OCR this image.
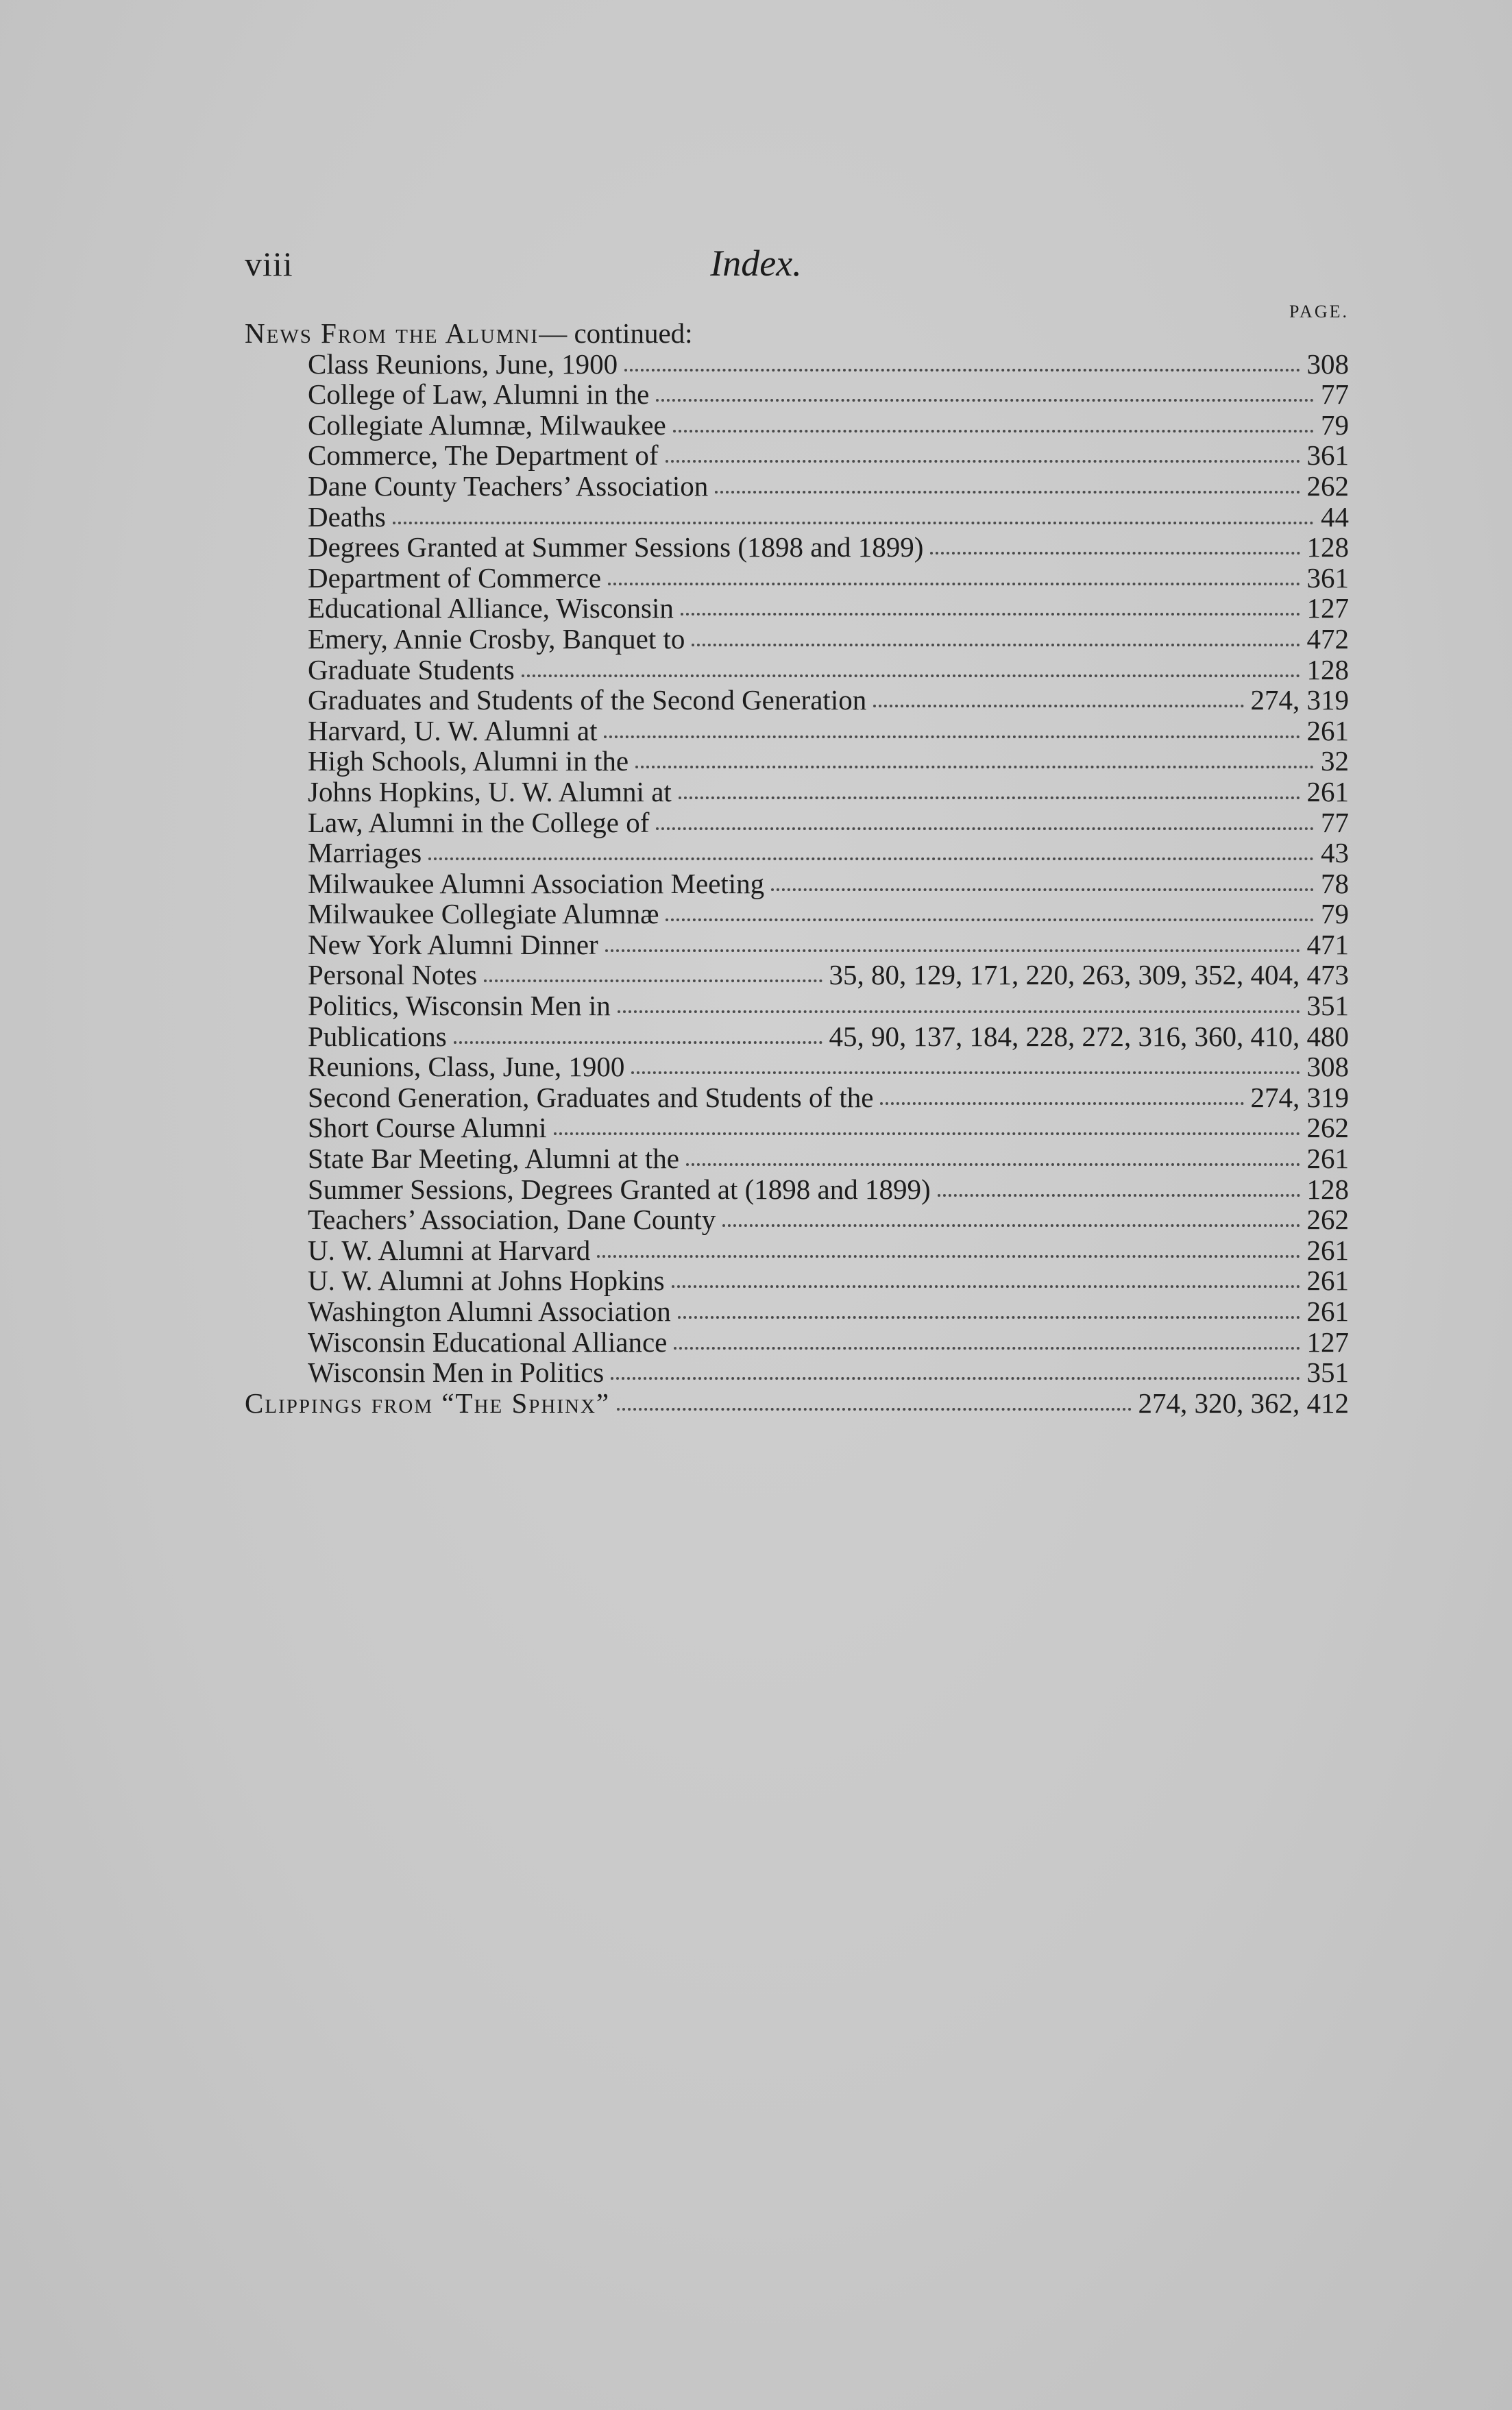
viii	Index.
PAGE.
News From the Alumni — continued:
Class Reunions, June, 1900	308
College of Law, Alumni in the	77
Collegiate Alumnæ, Milwaukee	79
Commerce, The Department of	361
Dane County Teachers’ Association	262
Deaths	44
Degrees Granted at Summer Sessions (1898 and 1899)	128
Department of Commerce	361
Educational Alliance, Wisconsin	127
Emery, Annie Crosby, Banquet to	472
Graduate Students	128
Graduates and Students of the Second Generation	274, 319
Harvard, U. W. Alumni at	261
High Schools, Alumni in the	32
Johns Hopkins, U. W. Alumni at	261
Law, Alumni in the College of	77
Marriages	43
Milwaukee Alumni Association Meeting	78
Milwaukee Collegiate Alumnæ	79
New York Alumni Dinner	471
Personal Notes	35, 80, 129, 171, 220, 263, 309, 352, 404, 473
Politics, Wisconsin Men in	351
Publications	45, 90, 137, 184, 228, 272, 316, 360, 410, 480
Reunions, Class, June, 1900	308
Second Generation, Graduates and Students of the	274, 319
Short Course Alumni	262
State Bar Meeting, Alumni at the	261
Summer Sessions, Degrees Granted at (1898 and 1899)	128
Teachers’ Association, Dane County	262
U. W. Alumni at Harvard	261
U. W. Alumni at Johns Hopkins	261
Washington Alumni Association	261
Wisconsin Educational Alliance	127
Wisconsin Men in Politics	351
Clippings from “The Sphinx”	274, 320, 362, 412
